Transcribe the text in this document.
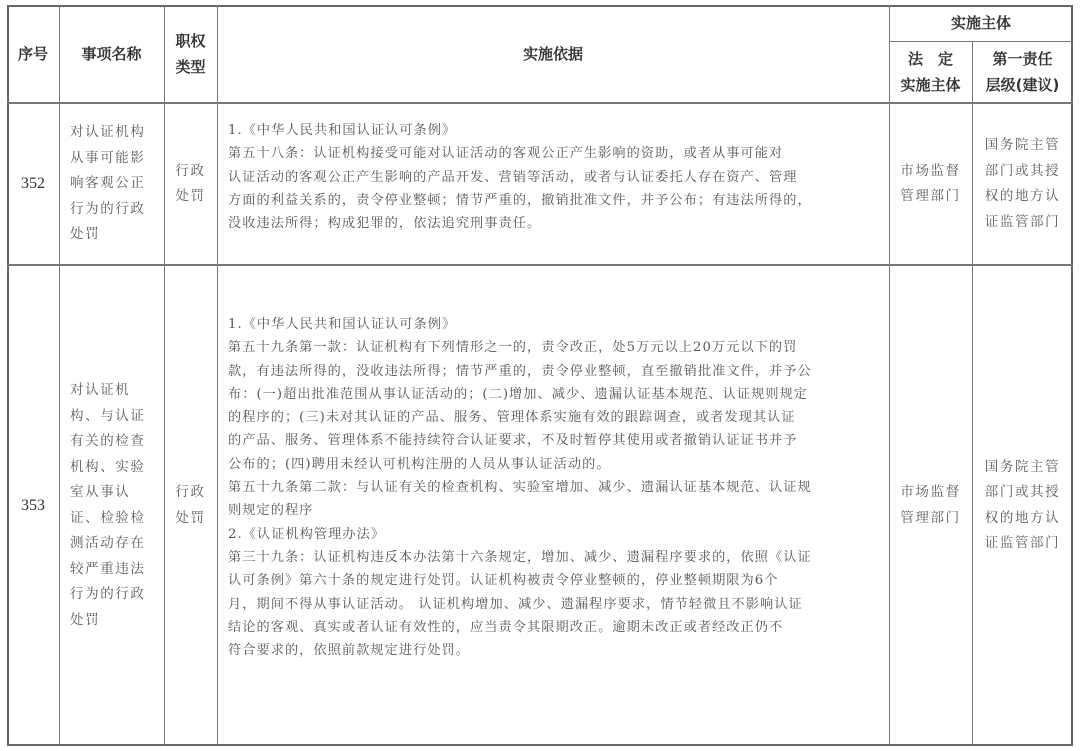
序号 事项名称
职权
类型
实施依据
实施主体
法　定
实施主体
第一责任
层级(建议)
352
对认证机构
从事可能影
响客观公正
行为的行政
处罚
行政
处罚
1.《中华人民共和国认证认可条例》
第五十八条：认证机构接受可能对认证活动的客观公正产生影响的资助，或者从事可能对
认证活动的客观公正产生影响的产品开发、营销等活动，或者与认证委托人存在资产、管理
方面的利益关系的，责令停业整顿；情节严重的，撤销批准文件，并予公布；有违法所得的，
没收违法所得；构成犯罪的，依法追究刑事责任。
市场监督
管理部门
国务院主管
部门或其授
权的地方认
证监管部门
353
对认证机
构、与认证
有关的检查
机构、实验
室从事认
证、检验检
测活动存在
较严重违法
行为的行政
处罚
行政
处罚
1.《中华人民共和国认证认可条例》
第五十九条第一款：认证机构有下列情形之一的，责令改正，处5万元以上20万元以下的罚
款，有违法所得的，没收违法所得；情节严重的，责令停业整顿，直至撤销批准文件，并予公
布：(一)超出批准范围从事认证活动的；(二)增加、减少、遗漏认证基本规范、认证规则规定
的程序的；(三)未对其认证的产品、服务、管理体系实施有效的跟踪调查，或者发现其认证
的产品、服务、管理体系不能持续符合认证要求，不及时暂停其使用或者撤销认证证书并予
公布的；(四)聘用未经认可机构注册的人员从事认证活动的。
第五十九条第二款：与认证有关的检查机构、实验室增加、减少、遗漏认证基本规范、认证规
则规定的程序
2.《认证机构管理办法》
第三十九条：认证机构违反本办法第十六条规定，增加、减少、遗漏程序要求的，依照《认证
认可条例》第六十条的规定进行处罚。认证机构被责令停业整顿的，停业整顿期限为6个
月，期间不得从事认证活动。 认证机构增加、减少、遗漏程序要求，情节轻微且不影响认证
结论的客观、真实或者认证有效性的，应当责令其限期改正。逾期未改正或者经改正仍不
符合要求的，依照前款规定进行处罚。
市场监督
管理部门
国务院主管
部门或其授
权的地方认
证监管部门
